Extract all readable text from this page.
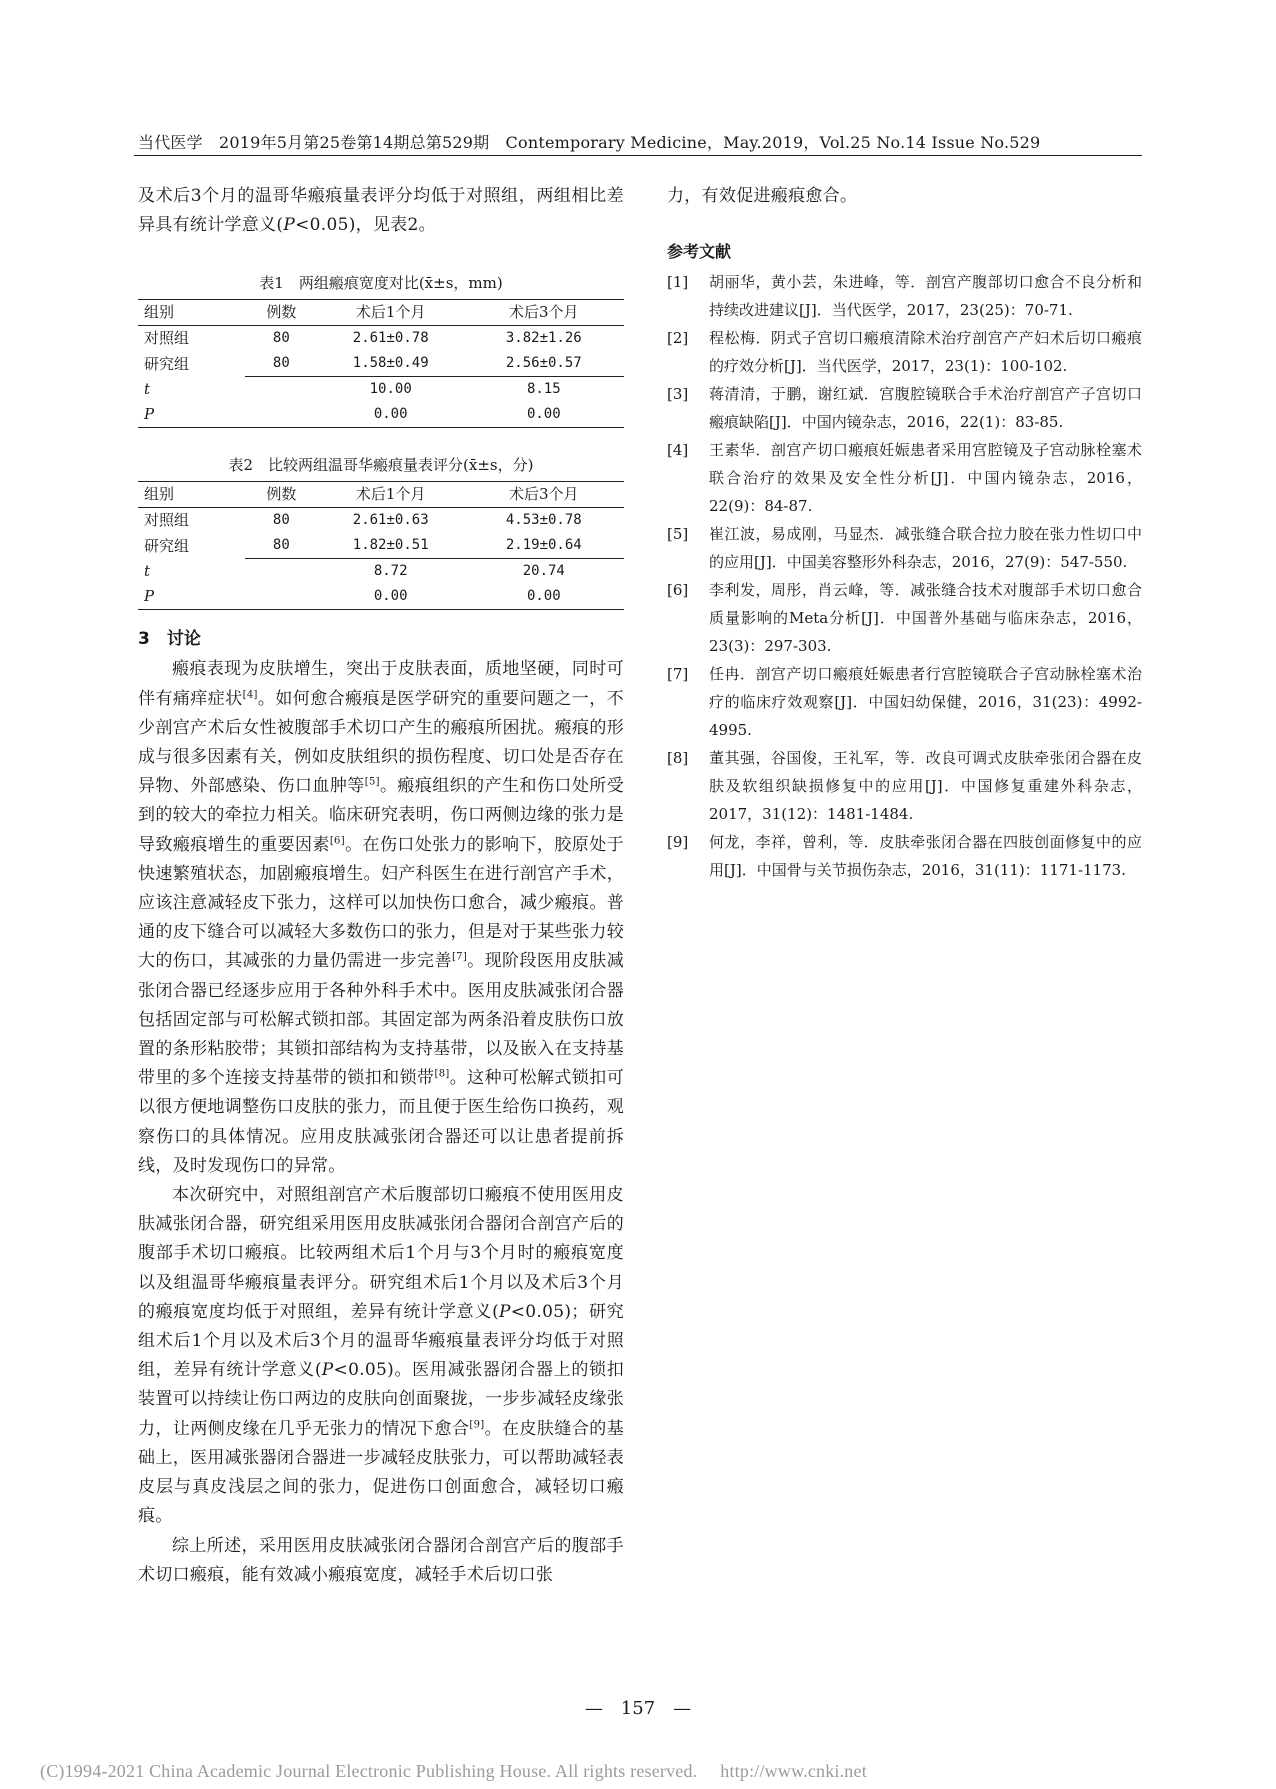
当代医学　2019年5月第25卷第14期总第529期　Contemporary Medicine，May.2019，Vol.25 No.14 Issue No.529

及术后3个月的温哥华瘢痕量表评分均低于对照组，两组相比差异具有统计学意义(P<0.05)，见表2。

表1　两组瘢痕宽度对比(x̄±s，mm)
组别	例数	术后1个月	术后3个月
对照组	80	2.61±0.78	3.82±1.26
研究组	80	1.58±0.49	2.56±0.57
t		10.00	8.15
P		0.00	0.00
表2　比较两组温哥华瘢痕量表评分(x̄±s，分)
组别	例数	术后1个月	术后3个月
对照组	80	2.61±0.63	4.53±0.78
研究组	80	1.82±0.51	2.19±0.64
t		8.72	20.74
P		0.00	0.00
3　讨论

瘢痕表现为皮肤增生，突出于皮肤表面，质地坚硬，同时可伴有痛痒症状[4]。如何愈合瘢痕是医学研究的重要问题之一，不少剖宫产术后女性被腹部手术切口产生的瘢痕所困扰。瘢痕的形成与很多因素有关，例如皮肤组织的损伤程度、切口处是否存在异物、外部感染、伤口血肿等[5]。瘢痕组织的产生和伤口处所受到的较大的牵拉力相关。临床研究表明，伤口两侧边缘的张力是导致瘢痕增生的重要因素[6]。在伤口处张力的影响下，胶原处于快速繁殖状态，加剧瘢痕增生。妇产科医生在进行剖宫产手术，应该注意减轻皮下张力，这样可以加快伤口愈合，减少瘢痕。普通的皮下缝合可以减轻大多数伤口的张力，但是对于某些张力较大的伤口，其减张的力量仍需进一步完善[7]。现阶段医用皮肤减张闭合器已经逐步应用于各种外科手术中。医用皮肤减张闭合器包括固定部与可松解式锁扣部。其固定部为两条沿着皮肤伤口放置的条形粘胶带；其锁扣部结构为支持基带，以及嵌入在支持基带里的多个连接支持基带的锁扣和锁带[8]。这种可松解式锁扣可以很方便地调整伤口皮肤的张力，而且便于医生给伤口换药，观察伤口的具体情况。应用皮肤减张闭合器还可以让患者提前拆线，及时发现伤口的异常。

本次研究中，对照组剖宫产术后腹部切口瘢痕不使用医用皮肤减张闭合器，研究组采用医用皮肤减张闭合器闭合剖宫产后的腹部手术切口瘢痕。比较两组术后1个月与3个月时的瘢痕宽度以及组温哥华瘢痕量表评分。研究组术后1个月以及术后3个月的瘢痕宽度均低于对照组，差异有统计学意义(P<0.05)；研究组术后1个月以及术后3个月的温哥华瘢痕量表评分均低于对照组，差异有统计学意义(P<0.05)。医用减张器闭合器上的锁扣装置可以持续让伤口两边的皮肤向创面聚拢，一步步减轻皮缘张力，让两侧皮缘在几乎无张力的情况下愈合[9]。在皮肤缝合的基础上，医用减张器闭合器进一步减轻皮肤张力，可以帮助减轻表皮层与真皮浅层之间的张力，促进伤口创面愈合，减轻切口瘢痕。

综上所述，采用医用皮肤减张闭合器闭合剖宫产后的腹部手术切口瘢痕，能有效减小瘢痕宽度，减轻手术后切口张

力，有效促进瘢痕愈合。

参考文献
[1]	胡丽华，黄小芸，朱进峰，等．剖宫产腹部切口愈合不良分析和持续改进建议[J]．当代医学，2017，23(25)：70-71.
[2]	程松梅．阴式子宫切口瘢痕清除术治疗剖宫产产妇术后切口瘢痕的疗效分析[J]．当代医学，2017，23(1)：100-102.
[3]	蒋清清，于鹏，谢红斌．宫腹腔镜联合手术治疗剖宫产子宫切口瘢痕缺陷[J]．中国内镜杂志，2016，22(1)：83-85.
[4]	王素华．剖宫产切口瘢痕妊娠患者采用宫腔镜及子宫动脉栓塞术联合治疗的效果及安全性分析[J]．中国内镜杂志，2016，22(9)：84-87.
[5]	崔江波，易成刚，马显杰．减张缝合联合拉力胶在张力性切口中的应用[J]．中国美容整形外科杂志，2016，27(9)：547-550.
[6]	李利发，周彤，肖云峰，等．减张缝合技术对腹部手术切口愈合质量影响的Meta分析[J]．中国普外基础与临床杂志，2016，23(3)：297-303.
[7]	任冉．剖宫产切口瘢痕妊娠患者行宫腔镜联合子宫动脉栓塞术治疗的临床疗效观察[J]．中国妇幼保健，2016，31(23)：4992-4995.
[8]	董其强，谷国俊，王礼军，等．改良可调式皮肤牵张闭合器在皮肤及软组织缺损修复中的应用[J]．中国修复重建外科杂志，2017，31(12)：1481-1484.
[9]	何龙，李祥，曾利，等．皮肤牵张闭合器在四肢创面修复中的应用[J]．中国骨与关节损伤杂志，2016，31(11)：1171-1173.
—　157　—
(C)1994-2021 China Academic Journal Electronic Publishing House. All rights reserved.　 http://www.cnki.net
